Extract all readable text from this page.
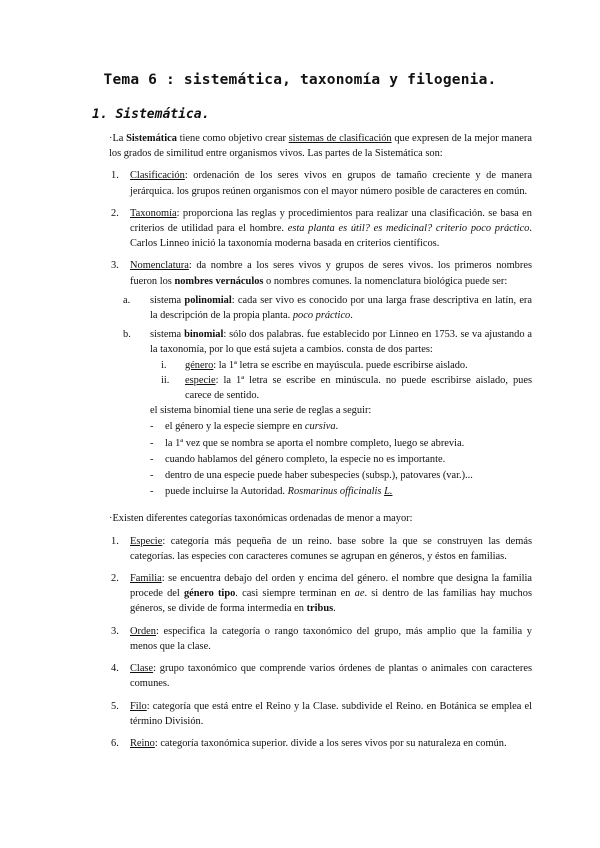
Tema 6 : sistemática, taxonomía y filogenia.
1. Sistemática.

·La Sistemática tiene como objetivo crear sistemas de clasificación que expresen de la mejor manera los grados de similitud entre organismos vivos. Las partes de la Sistemática son:

1. Clasificación: ordenación de los seres vivos en grupos de tamaño creciente y de manera jerárquica. los grupos reúnen organismos con el mayor número posible de caracteres en común.
2. Taxonomía: proporciona las reglas y procedimientos para realizar una clasificación. se basa en criterios de utilidad para el hombre. esta planta es útil? es medicinal? criterio poco práctico. Carlos Linneo inició la taxonomía moderna basada en criterios científicos.
3. Nomenclatura: da nombre a los seres vivos y grupos de seres vivos. los primeros nombres fueron los nombres vernáculos o nombres comunes. la nomenclatura biológica puede ser:
a. sistema polinomial: cada ser vivo es conocido por una larga frase descriptiva en latín, era la descripción de la propia planta. poco práctico.
b. sistema binomial: sólo dos palabras. fue establecido por Linneo en 1753. se va ajustando a la taxonomía, por lo que está sujeta a cambios. consta de dos partes:
i. género: la 1ª letra se escribe en mayúscula. puede escribirse aislado.
ii. especie: la 1ª letra se escribe en minúscula. no puede escribirse aislado, pues carece de sentido.

el sistema binomial tiene una serie de reglas a seguir:

- el género y la especie siempre en cursiva.
- la 1ª vez que se nombra se aporta el nombre completo, luego se abrevia.
- cuando hablamos del género completo, la especie no es importante.
- dentro de una especie puede haber subespecies (subsp.), patovares (var.)...
- puede incluirse la Autoridad. Rosmarinus officinalis L.

·Existen diferentes categorías taxonómicas ordenadas de menor a mayor:

1. Especie: categoría más pequeña de un reino. base sobre la que se construyen las demás categorías. las especies con caracteres comunes se agrupan en géneros, y éstos en familias.
2. Familia: se encuentra debajo del orden y encima del género. el nombre que designa la familia procede del género tipo. casi siempre terminan en ae. si dentro de las familias hay muchos géneros, se divide de forma intermedia en tribus.
3. Orden: especifica la categoría o rango taxonómico del grupo, más amplio que la familia y menos que la clase.
4. Clase: grupo taxonómico que comprende varios órdenes de plantas o animales con caracteres comunes.
5. Filo: categoría que está entre el Reino y la Clase. subdivide el Reino. en Botánica se emplea el término División.
6. Reino: categoría taxonómica superior. divide a los seres vivos por su naturaleza en común.
